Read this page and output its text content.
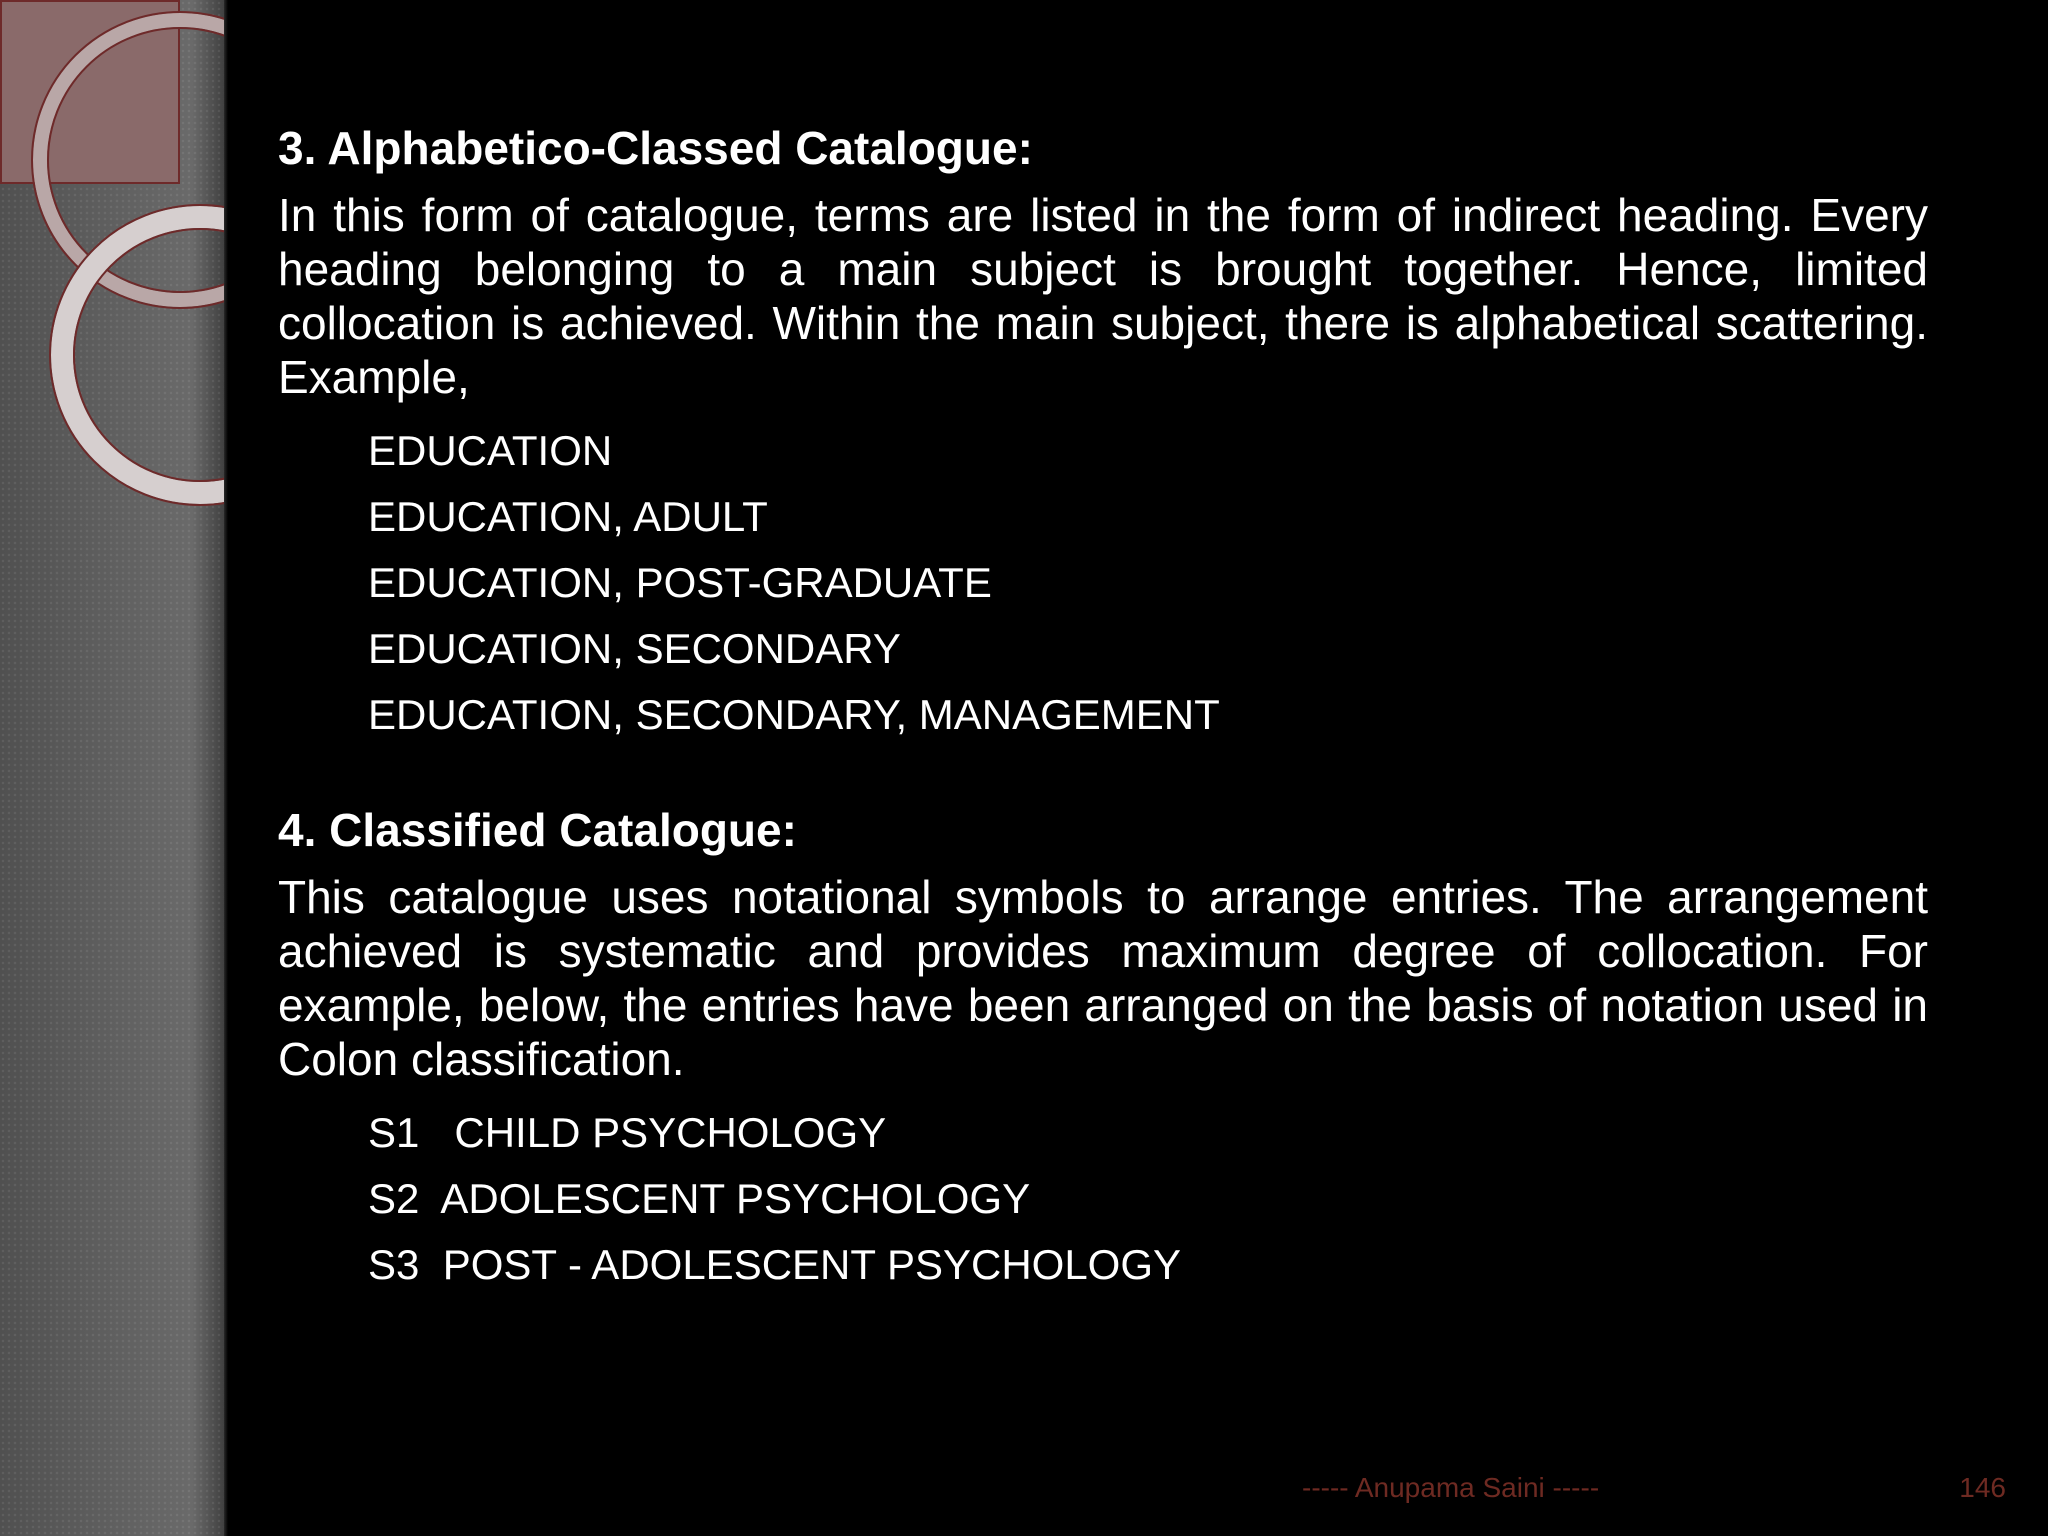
3. Alphabetico-Classed Catalogue:

In this form of catalogue, terms are listed in the form of indirect heading. Every heading belonging to a main subject is brought together. Hence, limited collocation is achieved. Within the main subject, there is alphabetical scattering. Example,

EDUCATION
EDUCATION, ADULT
EDUCATION, POST-GRADUATE
EDUCATION, SECONDARY
EDUCATION, SECONDARY, MANAGEMENT
4. Classified Catalogue:

This catalogue uses notational symbols to arrange entries. The arrangement achieved is systematic and provides maximum degree of collocation. For example, below, the entries have been arranged on the basis of notation used in Colon classification.

S1   CHILD PSYCHOLOGY
S2  ADOLESCENT PSYCHOLOGY
S3  POST - ADOLESCENT PSYCHOLOGY
----- Anupama Saini -----	146
